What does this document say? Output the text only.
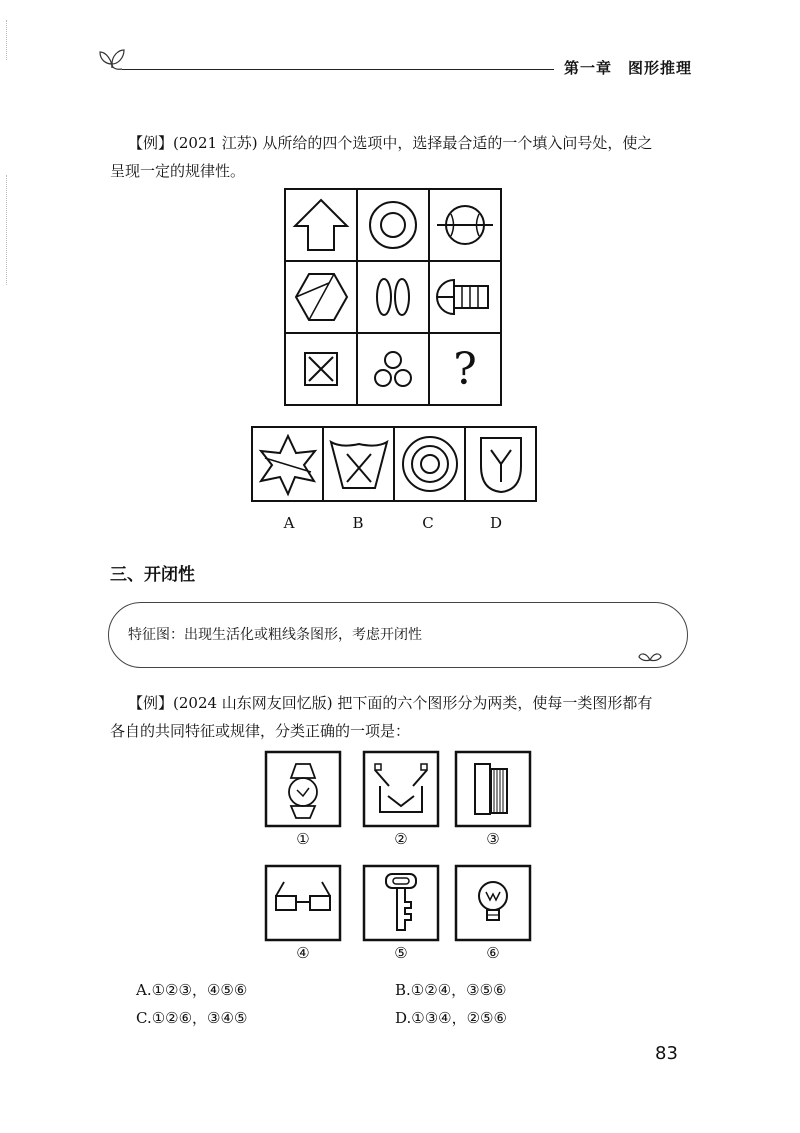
第一章　图形推理
【例】(2021 江苏) 从所给的四个选项中，选择最合适的一个填入问号处，使之
呈现一定的规律性。
?
A	B	C	D
三、开闭性
特征图：出现生活化或粗线条图形，考虑开闭性
【例】(2024 山东网友回忆版) 把下面的六个图形分为两类，使每一类图形都有
各自的共同特征或规律，分类正确的一项是：
①	②	③
④	⑤	⑥
A.①②③，④⑤⑥	B.①②④，③⑤⑥
C.①②⑥，③④⑤	D.①③④，②⑤⑥
83
